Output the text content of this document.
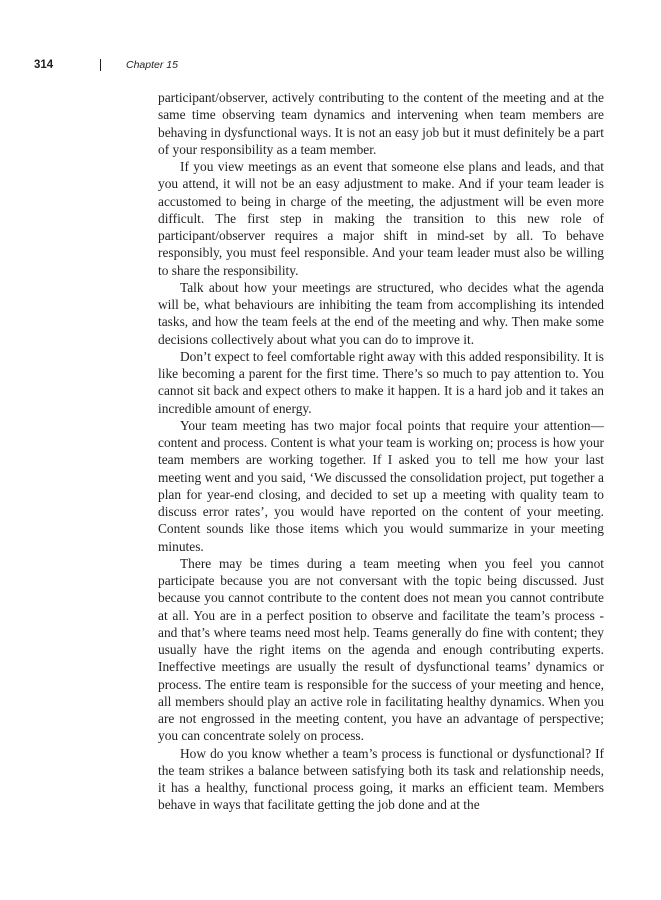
314	Chapter 15

participant/observer, actively contributing to the content of the meeting and at the same time observing team dynamics and intervening when team members are behaving in dysfunctional ways. It is not an easy job but it must definitely be a part of your responsibility as a team member.

If you view meetings as an event that someone else plans and leads, and that you attend, it will not be an easy adjustment to make. And if your team leader is accustomed to being in charge of the meeting, the adjustment will be even more difficult. The first step in making the transition to this new role of participant/observer requires a major shift in mind-set by all. To behave responsibly, you must feel responsible. And your team leader must also be willing to share the responsibility.

Talk about how your meetings are structured, who decides what the agenda will be, what behaviours are inhibiting the team from accomplishing its intended tasks, and how the team feels at the end of the meeting and why. Then make some decisions collectively about what you can do to improve it.

Don’t expect to feel comfortable right away with this added responsibility. It is like becoming a parent for the first time. There’s so much to pay attention to. You cannot sit back and expect others to make it happen. It is a hard job and it takes an incredible amount of energy.

Your team meeting has two major focal points that require your attention—content and process. Content is what your team is working on; process is how your team members are working together. If I asked you to tell me how your last meeting went and you said, ‘We discussed the consolidation project, put together a plan for year-end closing, and decided to set up a meeting with quality team to discuss error rates’, you would have reported on the content of your meeting. Content sounds like those items which you would summarize in your meeting minutes.

There may be times during a team meeting when you feel you cannot participate because you are not conversant with the topic being discussed. Just because you cannot contribute to the content does not mean you cannot contribute at all. You are in a perfect position to observe and facilitate the team’s process - and that’s where teams need most help. Teams generally do fine with content; they usually have the right items on the agenda and enough contributing experts. Ineffective meetings are usually the result of dysfunctional teams’ dynamics or process. The entire team is responsible for the success of your meeting and hence, all members should play an active role in facilitating healthy dynamics. When you are not engrossed in the meeting content, you have an advantage of perspective; you can concentrate solely on process.

How do you know whether a team’s process is functional or dysfunctional? If the team strikes a balance between satisfying both its task and relationship needs, it has a healthy, functional process going, it marks an efficient team. Members behave in ways that facilitate getting the job done and at the
